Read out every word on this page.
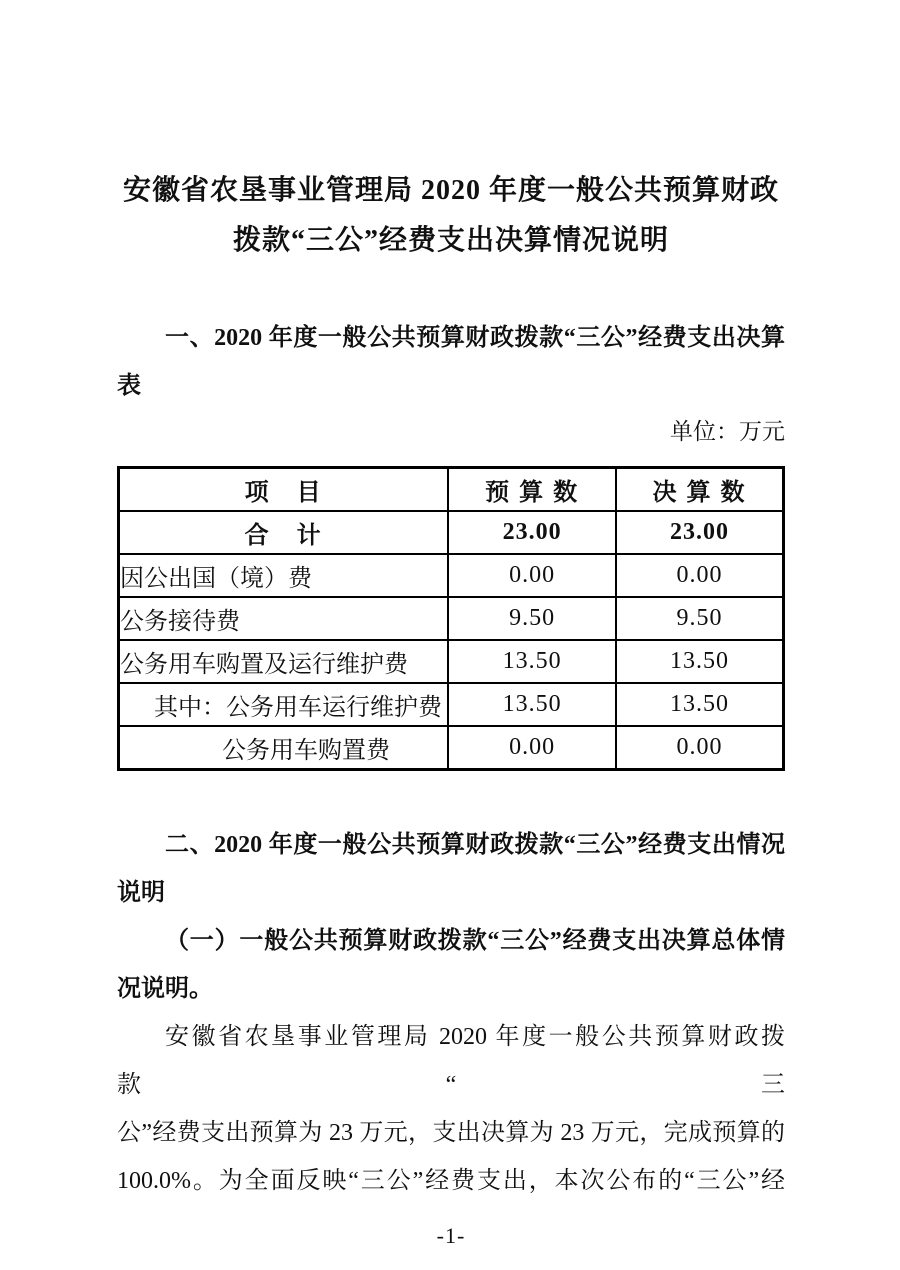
安徽省农垦事业管理局 2020 年度一般公共预算财政
拨款“三公”经费支出决算情况说明
一、2020 年度一般公共预算财政拨款“三公”经费支出决算
表
单位：万元
项　目	预 算 数	决 算 数
合　计	23.00	23.00
因公出国（境）费	0.00	0.00
公务接待费	9.50	9.50
公务用车购置及运行维护费	13.50	13.50
其中：公务用车运行维护费	13.50	13.50
公务用车购置费	0.00	0.00
二、2020 年度一般公共预算财政拨款“三公”经费支出情况
说明
（一）一般公共预算财政拨款“三公”经费支出决算总体情
况说明。
安徽省农垦事业管理局 2020 年度一般公共预算财政拨款“三
公”经费支出预算为 23 万元，支出决算为 23 万元，完成预算的
100.0%。为全面反映“三公”经费支出，本次公布的“三公”经
-1-
